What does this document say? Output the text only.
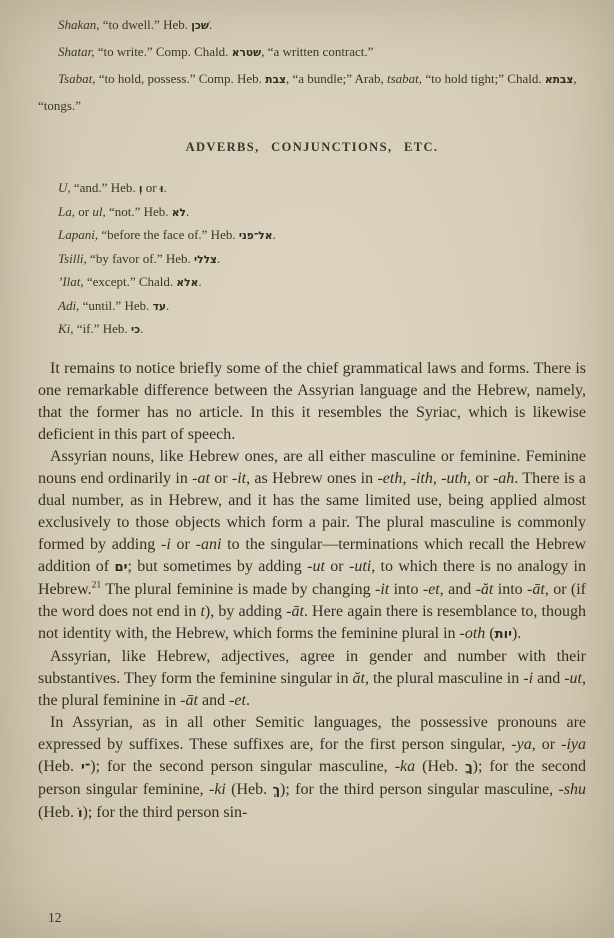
Shakan, “to dwell.” Heb. שׁכן.

Shatar, “to write.” Comp. Chald. שטרא, “a written contract.”

Tsabat, “to hold, possess.” Comp. Heb. צבת, “a bundle;” Arab, tsabat, “to hold tight;” Chald. צבתא, “tongs.”

ADVERBS, CONJUNCTIONS, ETC.

U, “and.” Heb. וְ or וּ.

La, or ul, “not.” Heb. לא.

Lapani, “before the face of.” Heb. אל־פני.

Tsilli, “by favor of.” Heb. צללי.

’Ilat, “except.” Chald. אלא.

Adi, “until.” Heb. עד.

Ki, “if.” Heb. כי.

It remains to notice briefly some of the chief grammatical laws and forms. There is one remarkable difference between the Assyrian language and the Hebrew, namely, that the former has no article. In this it resembles the Syriac, which is likewise deficient in this part of speech.

Assyrian nouns, like Hebrew ones, are all either masculine or feminine. Feminine nouns end ordinarily in -at or -it, as Hebrew ones in -eth, -ith, -uth, or -ah. There is a dual number, as in Hebrew, and it has the same limited use, being applied almost exclusively to those objects which form a pair. The plural masculine is commonly formed by adding -i or -ani to the singular—terminations which recall the Hebrew addition of ים; but sometimes by adding -ut or -uti, to which there is no analogy in Hebrew.$^{21}$ The plural feminine is made by changing -it into -et, and -ăt into -āt, or (if the word does not end in t), by adding -āt. Here again there is resemblance to, though not identity with, the Hebrew, which forms the feminine plural in -oth (יות).

Assyrian, like Hebrew, adjectives, agree in gender and number with their substantives. They form the feminine singular in ăt, the plural masculine in -i and -ut, the plural feminine in -āt and -et.

In Assyrian, as in all other Semitic languages, the possessive pronouns are expressed by suffixes. These suffixes are, for the first person singular, -ya, or -iya (Heb. ־י); for the second person singular masculine, -ka (Heb. ךָ); for the second person singular feminine, -ki (Heb. ךְ); for the third person singular masculine, -shu (Heb. וֹ); for the third person sin-

12
